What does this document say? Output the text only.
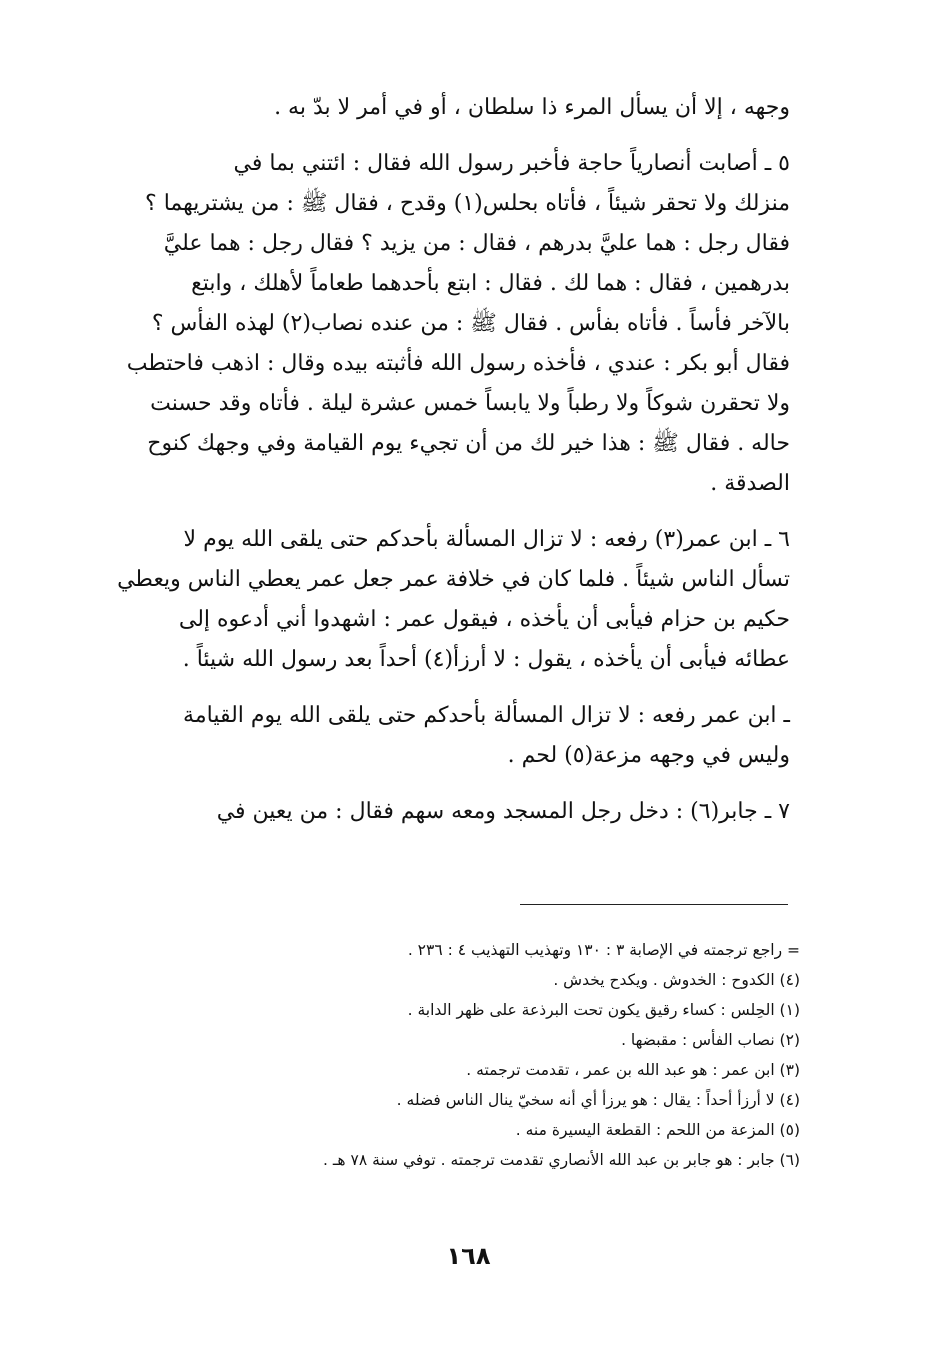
وجهه ، إلا أن يسأل المرء ذا سلطان ، أو في أمر لا بدّ به .

٥ ـ أصابت أنصارياً حاجة فأخبر رسول الله فقال : ائتني بما في

منزلك ولا تحقر شيئاً ، فأتاه بحلس(١) وقدح ، فقال ﷺ : من يشتريهما ؟

فقال رجل : هما عليَّ بدرهم ، فقال : من يزيد ؟ فقال رجل : هما عليَّ

بدرهمين ، فقال : هما لك . فقال : ابتع بأحدهما طعاماً لأهلك ، وابتع

بالآخر فأساً . فأتاه بفأس . فقال ﷺ : من عنده نصاب(٢) لهذه الفأس ؟

فقال أبو بكر : عندي ، فأخذه رسول الله فأثبته بيده وقال : اذهب فاحتطب

ولا تحقرن شوكاً ولا رطباً ولا يابساً خمس عشرة ليلة . فأتاه وقد حسنت

حاله . فقال ﷺ : هذا خير لك من أن تجيء يوم القيامة وفي وجهك كنوح

الصدقة .

٦ ـ ابن عمر(٣) رفعه : لا تزال المسألة بأحدكم حتى يلقى الله يوم لا

تسأل الناس شيئاً . فلما كان في خلافة عمر جعل عمر يعطي الناس ويعطي

حكيم بن حزام فيأبى أن يأخذه ، فيقول عمر : اشهدوا أني أدعوه إلى

عطائه فيأبى أن يأخذه ، يقول : لا أرزأ(٤) أحداً بعد رسول الله شيئاً .

ـ ابن عمر رفعه : لا تزال المسألة بأحدكم حتى يلقى الله يوم القيامة

وليس في وجهه مزعة(٥) لحم .

٧ ـ جابر(٦) : دخل رجل المسجد ومعه سهم فقال : من يعين في

= راجع ترجمته في الإصابة ٣ : ١٣٠ وتهذيب التهذيب ٤ : ٢٣٦ .
(٤) الكدوح : الخدوش . ويكدح يخدش .
(١) الحِلس : كساء رقيق يكون تحت البرذعة على ظهر الدابة .
(٢) نصاب الفأس : مقبضها .
(٣) ابن عمر : هو عبد الله بن عمر ، تقدمت ترجمته .
(٤) لا أرزأ أحداً : يقال : هو يرزأ أي أنه سخيّ ينال الناس فضله .
(٥) المزعة من اللحم : القطعة اليسيرة منه .
(٦) جابر : هو جابر بن عبد الله الأنصاري تقدمت ترجمته . توفي سنة ٧٨ هـ .
١٦٨
